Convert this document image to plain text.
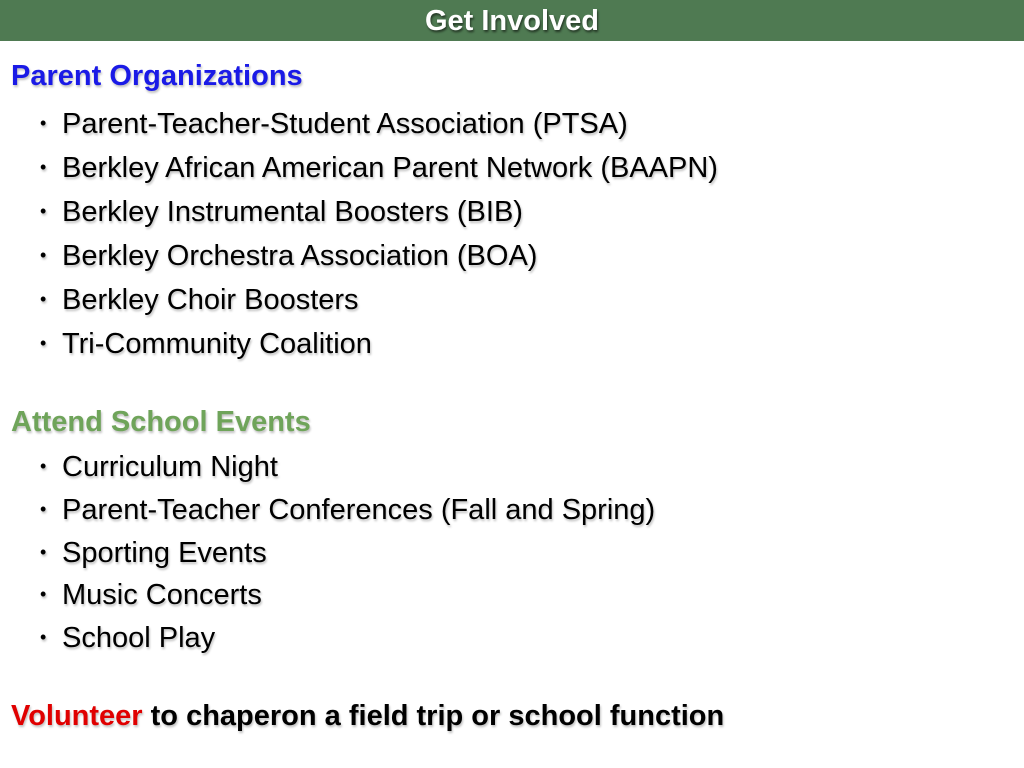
Get Involved
Parent Organizations
• Parent-Teacher-Student Association (PTSA)
• Berkley African American Parent Network (BAAPN)
• Berkley Instrumental Boosters (BIB)
• Berkley Orchestra Association (BOA)
• Berkley Choir Boosters
• Tri-Community Coalition
Attend School Events
• Curriculum Night
• Parent-Teacher Conferences (Fall and Spring)
• Sporting Events
• Music Concerts
• School Play
Volunteer to chaperon a field trip or school function
